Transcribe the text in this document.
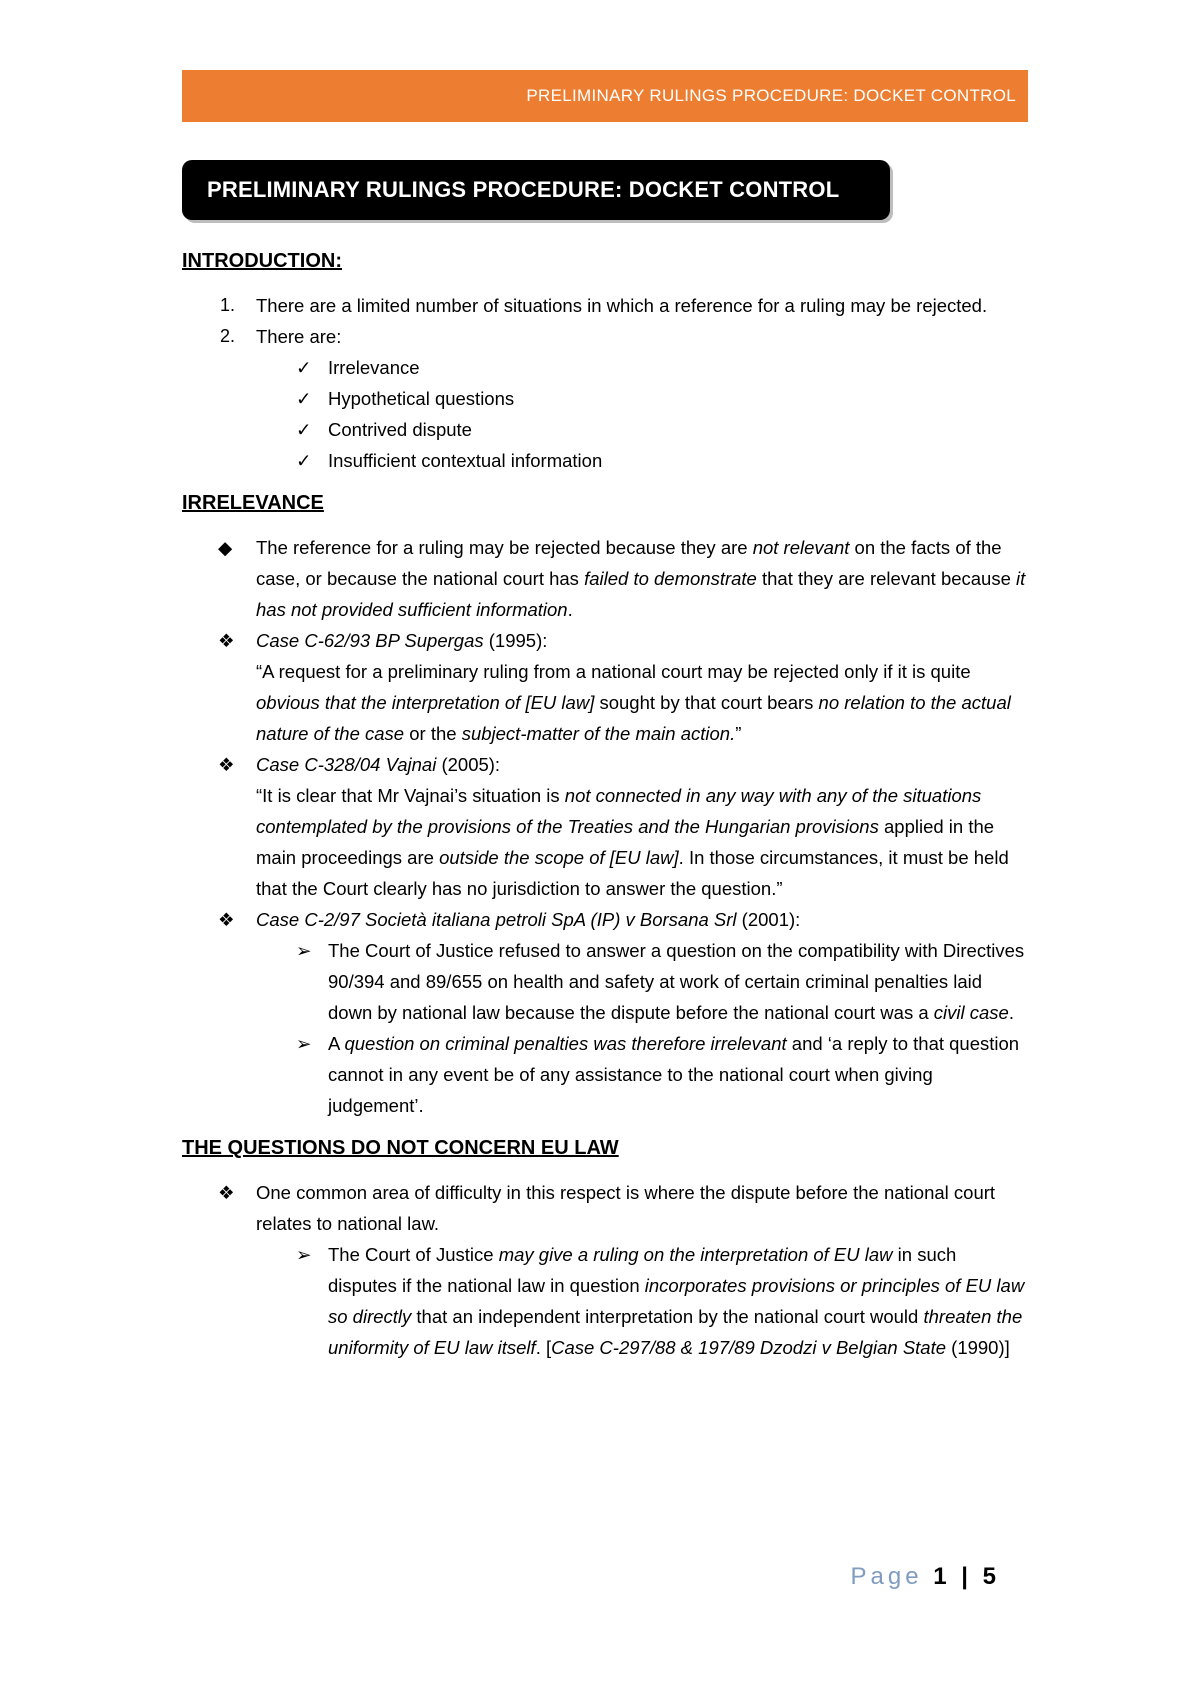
PRELIMINARY RULINGS PROCEDURE: DOCKET CONTROL
PRELIMINARY RULINGS PROCEDURE: DOCKET CONTROL
INTRODUCTION:
1. There are a limited number of situations in which a reference for a ruling may be rejected.
2. There are:
✓ Irrelevance
✓ Hypothetical questions
✓ Contrived dispute
✓ Insufficient contextual information
IRRELEVANCE
◆ The reference for a ruling may be rejected because they are not relevant on the facts of the case, or because the national court has failed to demonstrate that they are relevant because it has not provided sufficient information.
❖ Case C-62/93 BP Supergas (1995):
“A request for a preliminary ruling from a national court may be rejected only if it is quite obvious that the interpretation of [EU law] sought by that court bears no relation to the actual nature of the case or the subject-matter of the main action.”
❖ Case C-328/04 Vajnai (2005):
“It is clear that Mr Vajnai’s situation is not connected in any way with any of the situations contemplated by the provisions of the Treaties and the Hungarian provisions applied in the main proceedings are outside the scope of [EU law]. In those circumstances, it must be held that the Court clearly has no jurisdiction to answer the question.”
❖ Case C-2/97 Società italiana petroli SpA (IP) v Borsana Srl (2001):
➢ The Court of Justice refused to answer a question on the compatibility with Directives 90/394 and 89/655 on health and safety at work of certain criminal penalties laid down by national law because the dispute before the national court was a civil case.
➢ A question on criminal penalties was therefore irrelevant and ‘a reply to that question cannot in any event be of any assistance to the national court when giving judgement’.
THE QUESTIONS DO NOT CONCERN EU LAW
❖ One common area of difficulty in this respect is where the dispute before the national court relates to national law.
➢ The Court of Justice may give a ruling on the interpretation of EU law in such disputes if the national law in question incorporates provisions or principles of EU law so directly that an independent interpretation by the national court would threaten the uniformity of EU law itself. [Case C-297/88 & 197/89 Dzodzi v Belgian State (1990)]
Page 1 | 5
